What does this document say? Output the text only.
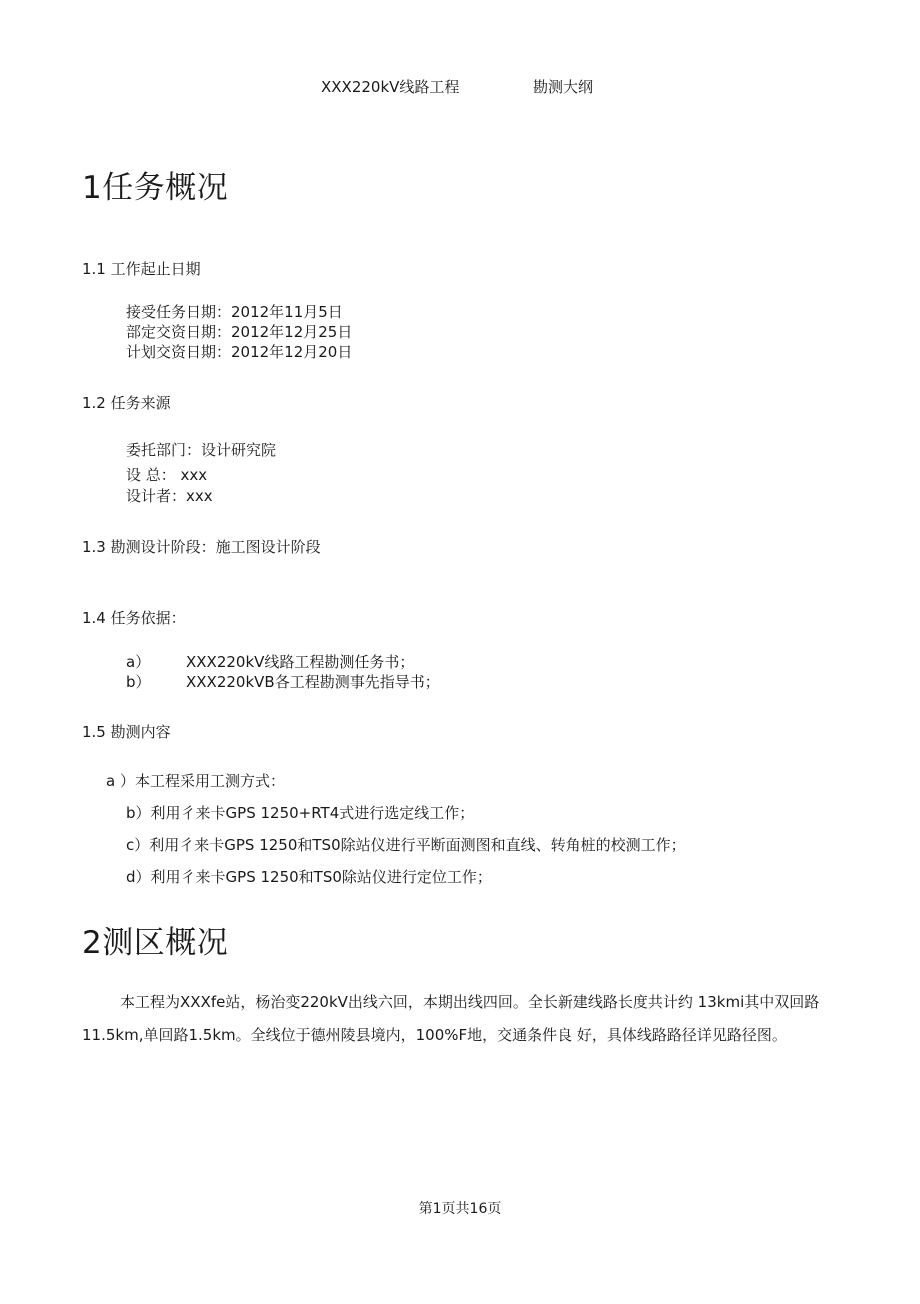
XXX220kV线路工程	勘测大纲
1任务概况
1.1 工作起止日期
接受任务日期：2012年11月5日
部定交资日期：2012年12月25日
计划交资日期：2012年12月20日
1.2 任务来源
委托部门：设计研究院
设 总： xxx
设计者：xxx
1.3 勘测设计阶段：施工图设计阶段
1.4 任务依据：
a） XXX220kV线路工程勘测任务书；
b） XXX220kVB各工程勘测事先指导书；
1.5 勘测内容
a ）本工程采用工测方式：
b）利用彳来卡GPS 1250+RT4式进行选定线工作；
c）利用彳来卡GPS 1250和TS0除站仪进行平断面测图和直线、转角桩的校测工作；
d）利用彳来卡GPS 1250和TS0除站仪进行定位工作；
2测区概况
本工程为XXXfe站，杨治变220kV出线六回，本期出线四回。全长新建线路长度共计约 13kmi其中双回路11.5km,单回路1.5km。全线位于德州陵县境内，100%F地，交通条件良 好，具体线路路径详见路径图。
第1页共16页
